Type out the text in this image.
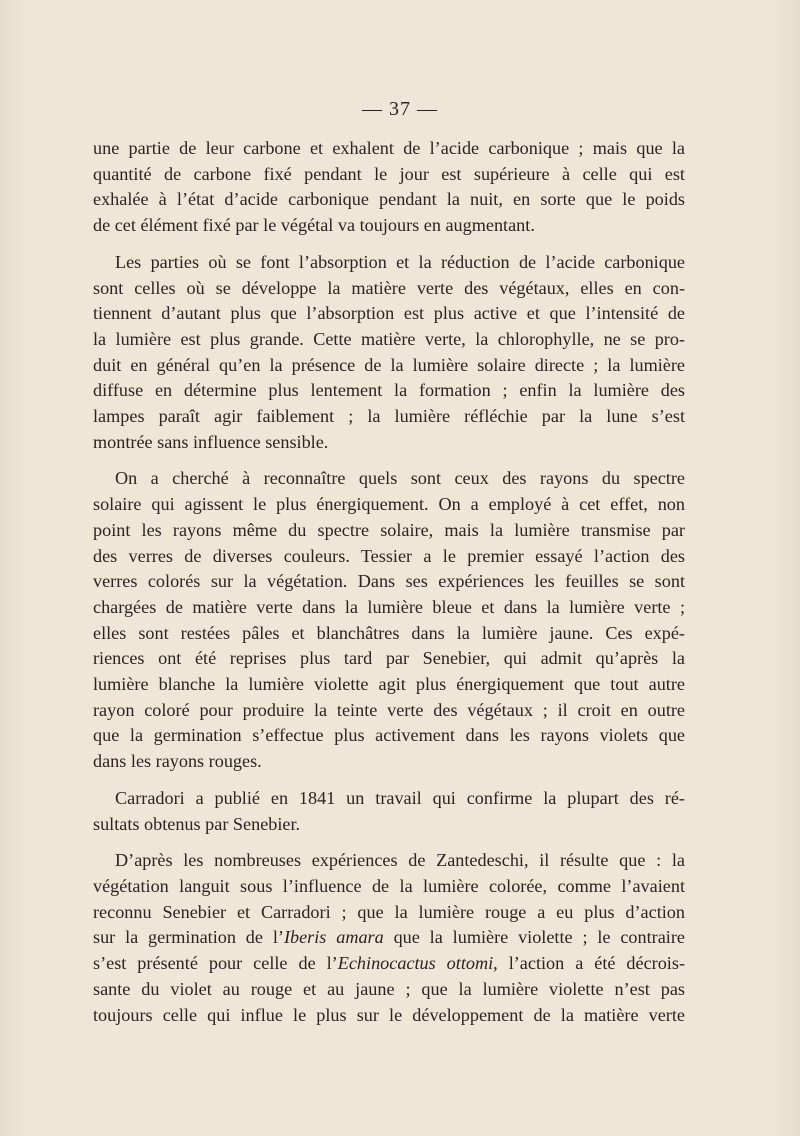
— 37 —

une partie de leur carbone et exhalent de l’acide carbonique ; mais que la
quantité de carbone fixé pendant le jour est supérieure à celle qui est
exhalée à l’état d’acide carbonique pendant la nuit, en sorte que le poids
de cet élément fixé par le végétal va toujours en augmentant.

Les parties où se font l’absorption et la réduction de l’acide carbonique
sont celles où se développe la matière verte des végétaux, elles en con-
tiennent d’autant plus que l’absorption est plus active et que l’intensité de
la lumière est plus grande. Cette matière verte, la chlorophylle, ne se pro-
duit en général qu’en la présence de la lumière solaire directe ; la lumière
diffuse en détermine plus lentement la formation ; enfin la lumière des
lampes paraît agir faiblement ; la lumière réfléchie par la lune s’est
montrée sans influence sensible.

On a cherché à reconnaître quels sont ceux des rayons du spectre
solaire qui agissent le plus énergiquement. On a employé à cet effet, non
point les rayons même du spectre solaire, mais la lumière transmise par
des verres de diverses couleurs. Tessier a le premier essayé l’action des
verres colorés sur la végétation. Dans ses expériences les feuilles se sont
chargées de matière verte dans la lumière bleue et dans la lumière verte ;
elles sont restées pâles et blanchâtres dans la lumière jaune. Ces expé-
riences ont été reprises plus tard par Senebier, qui admit qu’après la
lumière blanche la lumière violette agit plus énergiquement que tout autre
rayon coloré pour produire la teinte verte des végétaux ; il croit en outre
que la germination s’effectue plus activement dans les rayons violets que
dans les rayons rouges.

Carradori a publié en 1841 un travail qui confirme la plupart des ré-
sultats obtenus par Senebier.

D’après les nombreuses expériences de Zantedeschi, il résulte que : la
végétation languit sous l’influence de la lumière colorée, comme l’avaient
reconnu Senebier et Carradori ; que la lumière rouge a eu plus d’action
sur la germination de l’Iberis amara que la lumière violette ; le contraire
s’est présenté pour celle de l’Echinocactus ottomi, l’action a été décrois-
sante du violet au rouge et au jaune ; que la lumière violette n’est pas
toujours celle qui influe le plus sur le développement de la matière verte
